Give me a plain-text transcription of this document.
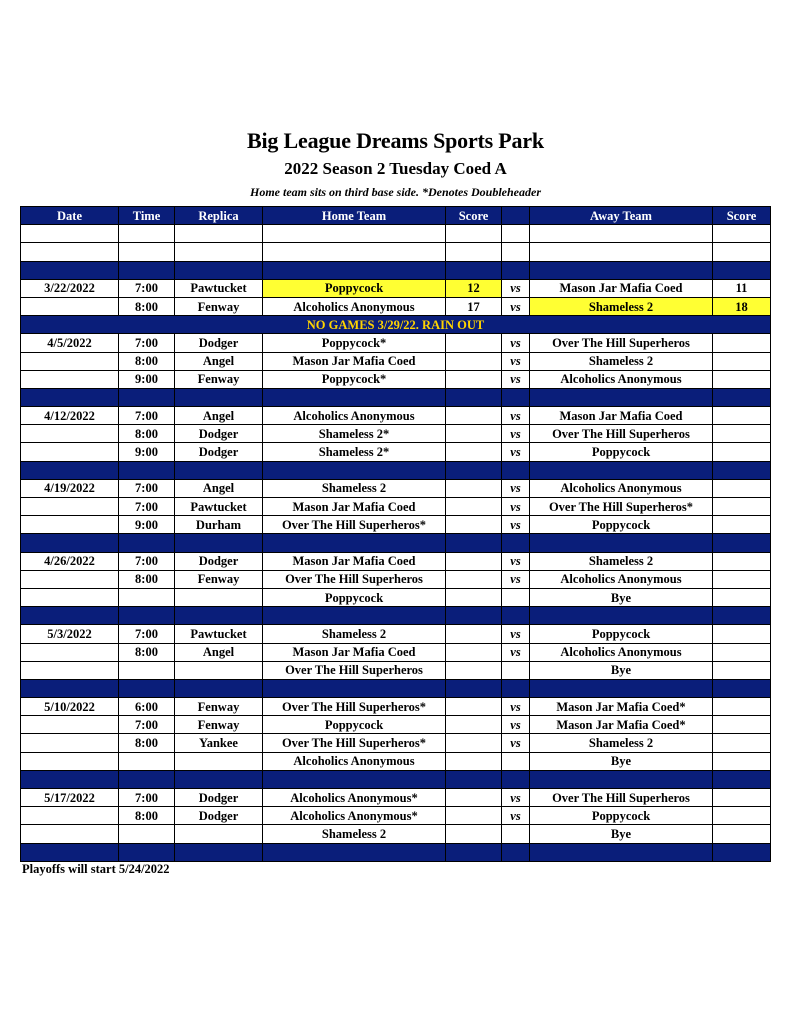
Big League Dreams Sports Park
2022 Season 2 Tuesday Coed A
Home team sits on third base side. *Denotes Doubleheader
Date	Time	Replica	Home Team	Score		Away Team	Score

3/22/2022	7:00	Pawtucket	Poppycock	12	vs	Mason Jar Mafia Coed	11
	8:00	Fenway	Alcoholics Anonymous	17	vs	Shameless 2	18
NO GAMES 3/29/22. RAIN OUT							
4/5/2022	7:00	Dodger	Poppycock*		vs	Over The Hill Superheros	
	8:00	Angel	Mason Jar Mafia Coed		vs	Shameless 2	
	9:00	Fenway	Poppycock*		vs	Alcoholics Anonymous	

4/12/2022	7:00	Angel	Alcoholics Anonymous		vs	Mason Jar Mafia Coed	
	8:00	Dodger	Shameless 2*		vs	Over The Hill Superheros	
	9:00	Dodger	Shameless 2*		vs	Poppycock	

4/19/2022	7:00	Angel	Shameless 2		vs	Alcoholics Anonymous	
	7:00	Pawtucket	Mason Jar Mafia Coed		vs	Over The Hill Superheros*	
	9:00	Durham	Over The Hill Superheros*		vs	Poppycock	

4/26/2022	7:00	Dodger	Mason Jar Mafia Coed		vs	Shameless 2	
	8:00	Fenway	Over The Hill Superheros		vs	Alcoholics Anonymous	
			Poppycock			Bye	

5/3/2022	7:00	Pawtucket	Shameless 2		vs	Poppycock	
	8:00	Angel	Mason Jar Mafia Coed		vs	Alcoholics Anonymous	
			Over The Hill Superheros			Bye	

5/10/2022	6:00	Fenway	Over The Hill Superheros*		vs	Mason Jar Mafia Coed*	
	7:00	Fenway	Poppycock		vs	Mason Jar Mafia Coed*	
	8:00	Yankee	Over The Hill Superheros*		vs	Shameless 2	
			Alcoholics Anonymous			Bye	

5/17/2022	7:00	Dodger	Alcoholics Anonymous*		vs	Over The Hill Superheros	
	8:00	Dodger	Alcoholics Anonymous*		vs	Poppycock	
			Shameless 2			Bye	

Playoffs will start 5/24/2022
